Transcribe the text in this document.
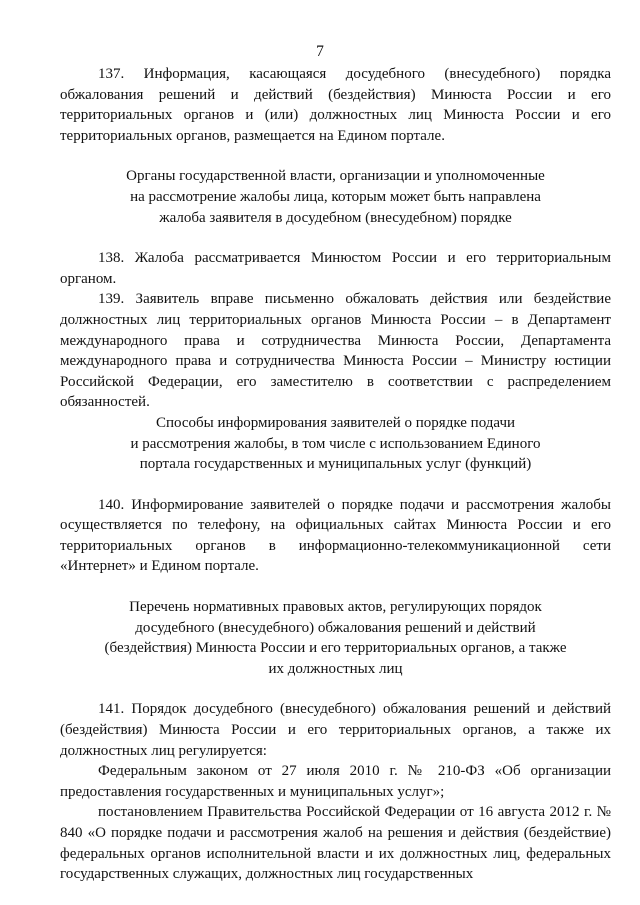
7

137. Информация, касающаяся досудебного (внесудебного) порядка обжалования решений и действий (бездействия) Минюста России и его территориальных органов и (или) должностных лиц Минюста России и его территориальных органов, размещается на Едином портале.

Органы государственной власти, организации и уполномоченные
на рассмотрение жалобы лица, которым может быть направлена
жалоба заявителя в досудебном (внесудебном) порядке

138. Жалоба рассматривается Минюстом России и его территориальным органом.

139. Заявитель вправе письменно обжаловать действия или бездействие должностных лиц территориальных органов Минюста России – в Департамент международного права и сотрудничества Минюста России, Департамента международного права и сотрудничества Минюста России – Министру юстиции Российской Федерации, его заместителю в соответствии с распределением обязанностей.

Способы информирования заявителей о порядке подачи
и рассмотрения жалобы, в том числе с использованием Единого
портала государственных и муниципальных услуг (функций)

140. Информирование заявителей о порядке подачи и рассмотрения жалобы осуществляется по телефону, на официальных сайтах Минюста России и его территориальных органов в информационно-телекоммуникационной сети «Интернет» и Едином портале.

Перечень нормативных правовых актов, регулирующих порядок
досудебного (внесудебного) обжалования решений и действий
(бездействия) Минюста России и его территориальных органов, а также
их должностных лиц

141. Порядок досудебного (внесудебного) обжалования решений и действий (бездействия) Минюста России и его территориальных органов, а также их должностных лиц регулируется:

Федеральным законом от 27 июля 2010 г. № 210-ФЗ «Об организации предоставления государственных и муниципальных услуг»;

постановлением Правительства Российской Федерации от 16 августа 2012 г. № 840 «О порядке подачи и рассмотрения жалоб на решения и действия (бездействие) федеральных органов исполнительной власти и их должностных лиц, федеральных государственных служащих, должностных лиц государственных
